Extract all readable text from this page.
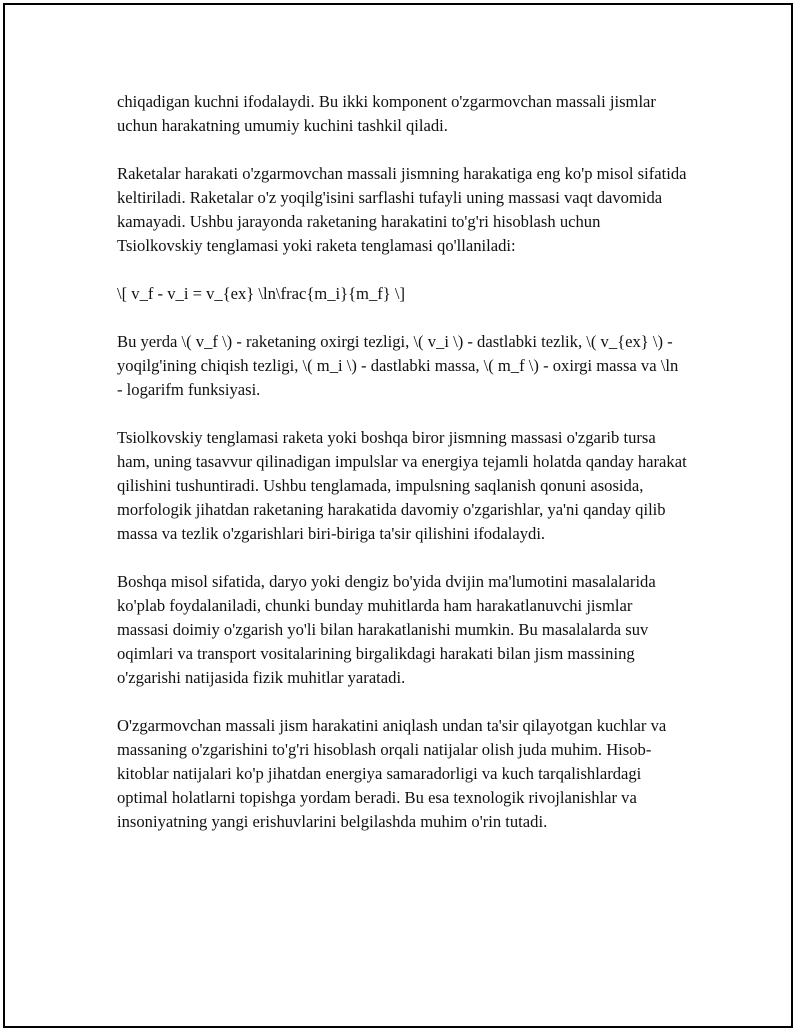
chiqadigan kuchni ifodalaydi. Bu ikki komponent o'zgarmovchan massali jismlar uchun harakatning umumiy kuchini tashkil qiladi.

Raketalar harakati o'zgarmovchan massali jismning harakatiga eng ko'p misol sifatida keltiriladi. Raketalar o'z yoqilg'isini sarflashi tufayli uning massasi vaqt davomida kamayadi. Ushbu jarayonda raketaning harakatini to'g'ri hisoblash uchun Tsiolkovskiy tenglamasi yoki raketa tenglamasi qo'llaniladi:

\[ v_f - v_i = v_{ex} \ln\frac{m_i}{m_f} \]

Bu yerda \( v_f \) - raketaning oxirgi tezligi, \( v_i \) - dastlabki tezlik, \( v_{ex} \) - yoqilg'ining chiqish tezligi, \( m_i \) - dastlabki massa, \( m_f \) - oxirgi massa va \ln - logarifm funksiyasi.

Tsiolkovskiy tenglamasi raketa yoki boshqa biror jismning massasi o'zgarib tursa ham, uning tasavvur qilinadigan impulslar va energiya tejamli holatda qanday harakat qilishini tushuntiradi. Ushbu tenglamada, impulsning saqlanish qonuni asosida, morfologik jihatdan raketaning harakatida davomiy o'zgarishlar, ya'ni qanday qilib massa va tezlik o'zgarishlari biri-biriga ta'sir qilishini ifodalaydi.

Boshqa misol sifatida, daryo yoki dengiz bo'yida dvijin ma'lumotini masalalarida ko'plab foydalaniladi, chunki bunday muhitlarda ham harakatlanuvchi jismlar massasi doimiy o'zgarish yo'li bilan harakatlanishi mumkin. Bu masalalarda suv oqimlari va transport vositalarining birgalikdagi harakati bilan jism massining o'zgarishi natijasida fizik muhitlar yaratadi.

O'zgarmovchan massali jism harakatini aniqlash undan ta'sir qilayotgan kuchlar va massaning o'zgarishini to'g'ri hisoblash orqali natijalar olish juda muhim. Hisob-kitoblar natijalari ko'p jihatdan energiya samaradorligi va kuch tarqalishlardagi optimal holatlarni topishga yordam beradi. Bu esa texnologik rivojlanishlar va insoniyatning yangi erishuvlarini belgilashda muhim o'rin tutadi.
